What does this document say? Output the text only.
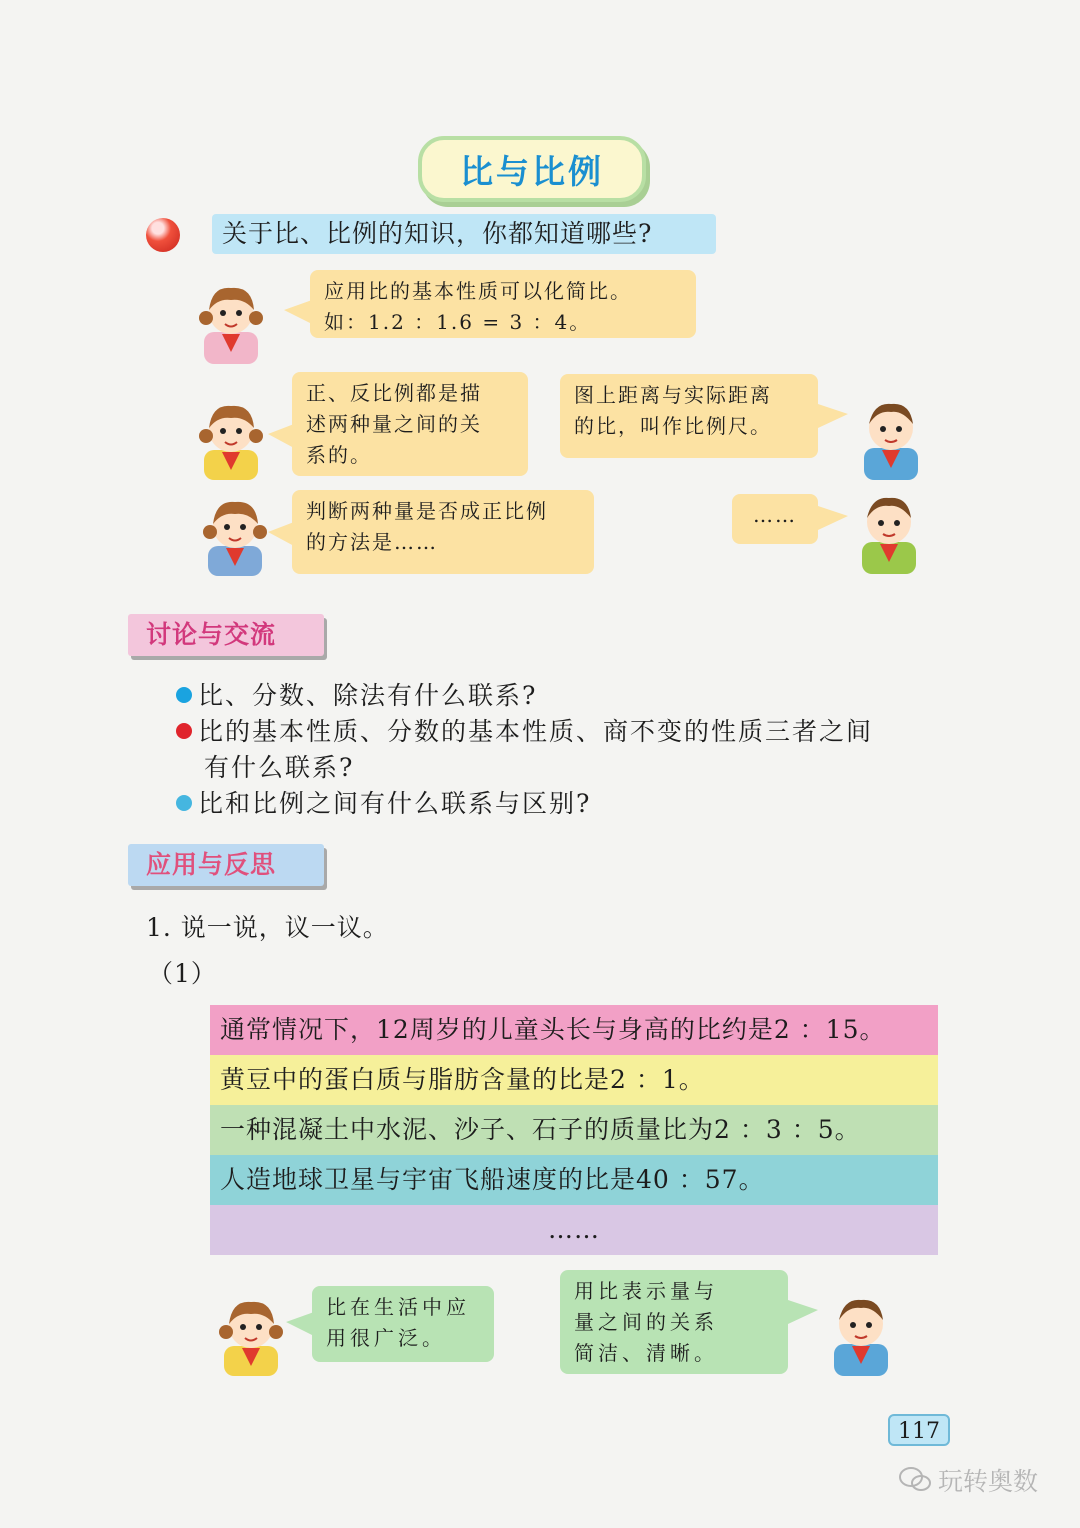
比与比例
关于比、比例的知识，你都知道哪些?
应用比的基本性质可以化简比。
如：1.2 ：1.6 = 3 ：4。
正、反比例都是描
述两种量之间的关
系的。
图上距离与实际距离
的比，叫作比例尺。
判断两种量是否成正比例
的方法是……
……
讨论与交流
比、分数、除法有什么联系?
比的基本性质、分数的基本性质、商不变的性质三者之间
有什么联系?
比和比例之间有什么联系与区别?
应用与反思
1. 说一说，议一议。
（1）
通常情况下，12周岁的儿童头长与身高的比约是2 ：15。
黄豆中的蛋白质与脂肪含量的比是2 ：1。
一种混凝土中水泥、沙子、石子的质量比为2 ：3 ：5。
人造地球卫星与宇宙飞船速度的比是40 ：57。
……
比在生活中应
用很广泛。
用比表示量与
量之间的关系
简洁、清晰。
117
玩转奥数
